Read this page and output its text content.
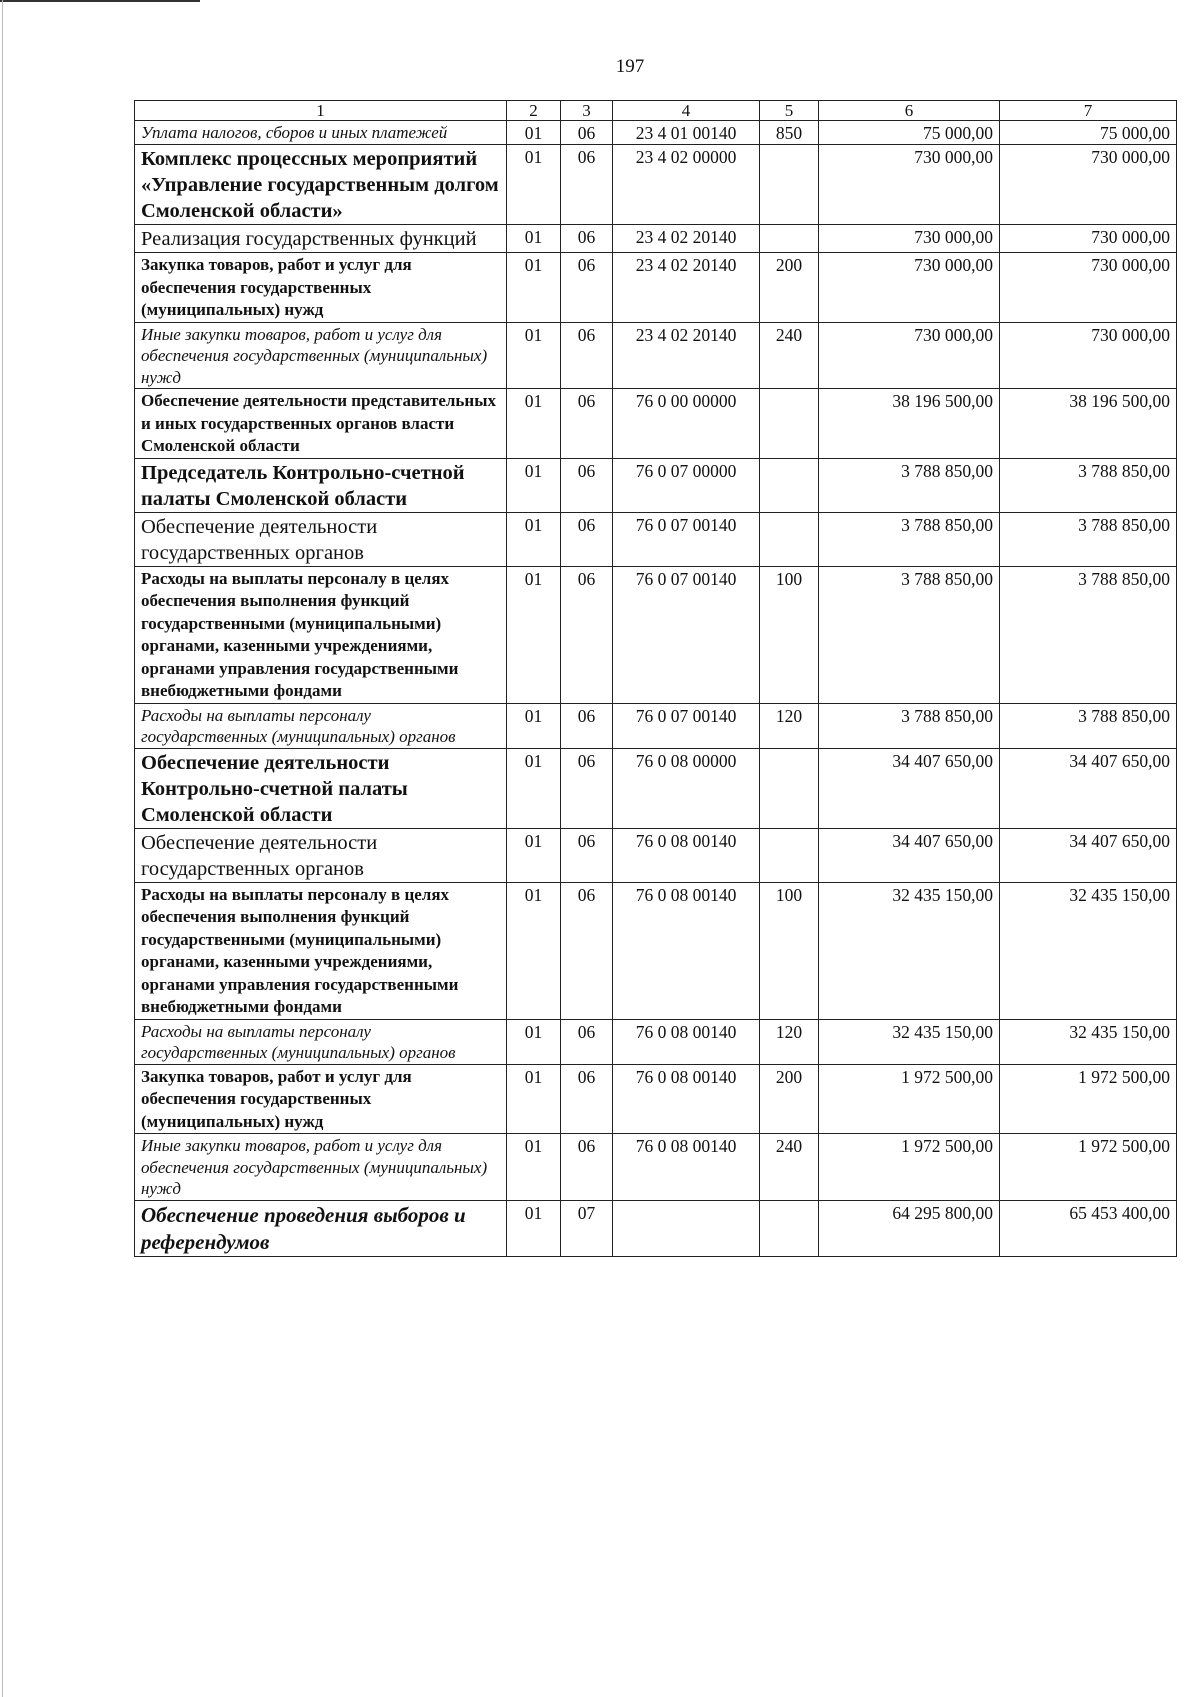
197
1	2	3	4	5	6	7
Уплата налогов, сборов и иных платежей	01	06	23 4 01 00140	850	75 000,00	75 000,00
Комплекс процессных мероприятий «Управление государственным долгом Смоленской области»	01	06	23 4 02 00000		730 000,00	730 000,00
Реализация государственных функций	01	06	23 4 02 20140		730 000,00	730 000,00
Закупка товаров, работ и услуг для обеспечения государственных (муниципальных) нужд	01	06	23 4 02 20140	200	730 000,00	730 000,00
Иные закупки товаров, работ и услуг для обеспечения государственных (муниципальных) нужд	01	06	23 4 02 20140	240	730 000,00	730 000,00
Обеспечение деятельности представительных и иных государственных органов власти Смоленской области	01	06	76 0 00 00000		38 196 500,00	38 196 500,00
Председатель Контрольно-счетной палаты Смоленской области	01	06	76 0 07 00000		3 788 850,00	3 788 850,00
Обеспечение деятельности государственных органов	01	06	76 0 07 00140		3 788 850,00	3 788 850,00
Расходы на выплаты персоналу в целях обеспечения выполнения функций государственными (муниципальными) органами, казенными учреждениями, органами управления государственными внебюджетными фондами	01	06	76 0 07 00140	100	3 788 850,00	3 788 850,00
Расходы на выплаты персоналу государственных (муниципальных) органов	01	06	76 0 07 00140	120	3 788 850,00	3 788 850,00
Обеспечение деятельности Контрольно-счетной палаты Смоленской области	01	06	76 0 08 00000		34 407 650,00	34 407 650,00
Обеспечение деятельности государственных органов	01	06	76 0 08 00140		34 407 650,00	34 407 650,00
Расходы на выплаты персоналу в целях обеспечения выполнения функций государственными (муниципальными) органами, казенными учреждениями, органами управления государственными внебюджетными фондами	01	06	76 0 08 00140	100	32 435 150,00	32 435 150,00
Расходы на выплаты персоналу государственных (муниципальных) органов	01	06	76 0 08 00140	120	32 435 150,00	32 435 150,00
Закупка товаров, работ и услуг для обеспечения государственных (муниципальных) нужд	01	06	76 0 08 00140	200	1 972 500,00	1 972 500,00
Иные закупки товаров, работ и услуг для обеспечения государственных (муниципальных) нужд	01	06	76 0 08 00140	240	1 972 500,00	1 972 500,00
Обеспечение проведения выборов и референдумов	01	07			64 295 800,00	65 453 400,00
